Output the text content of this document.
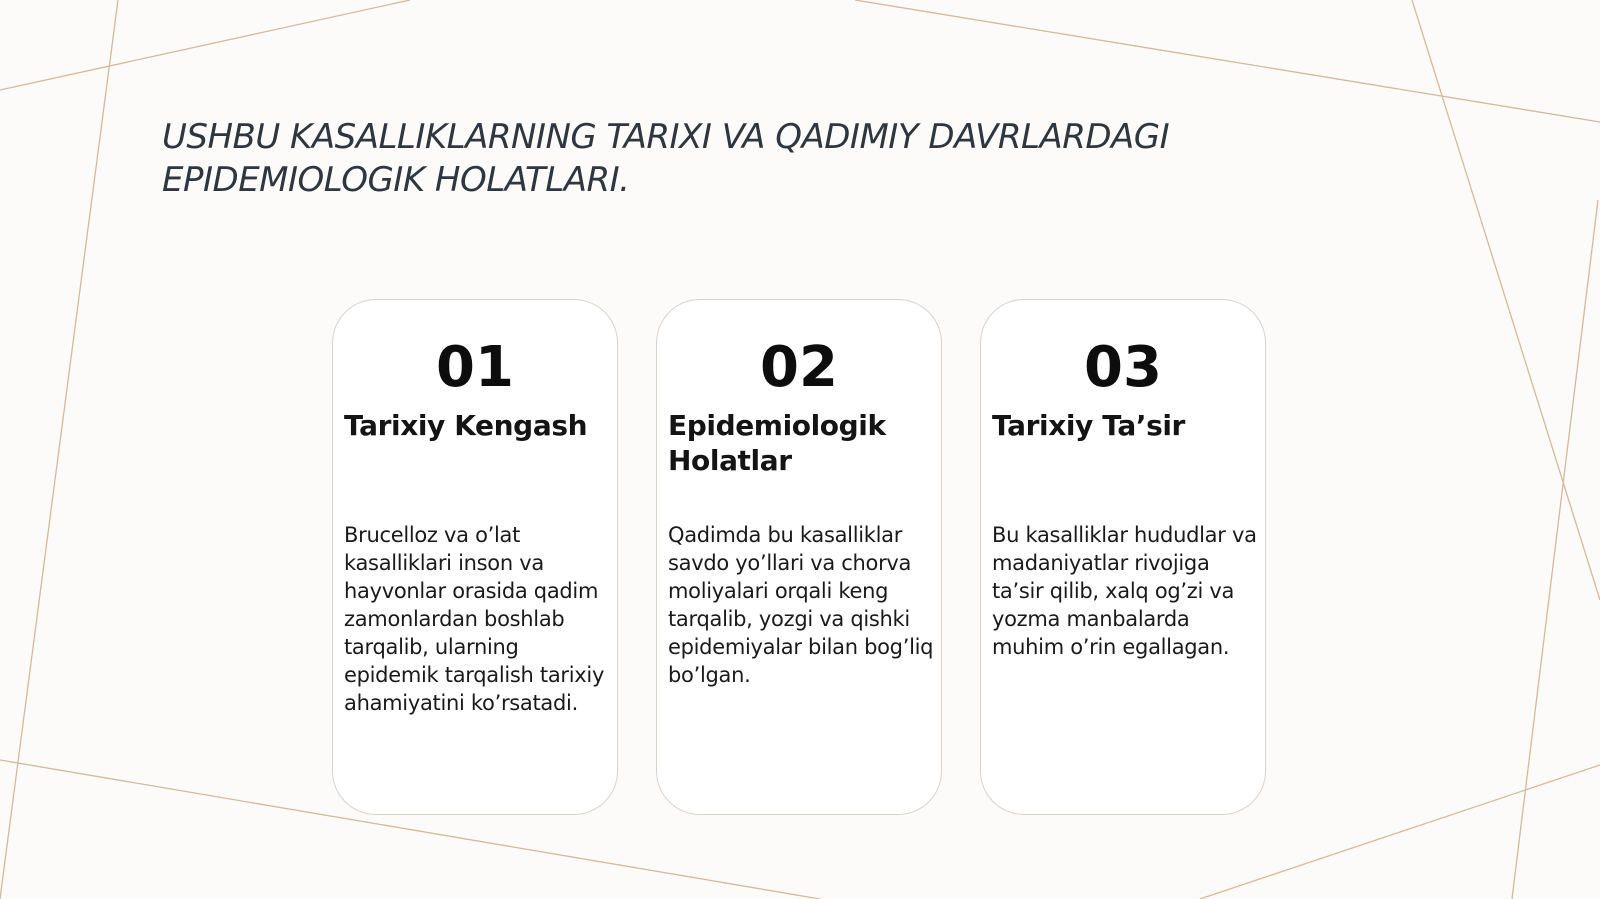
USHBU KASALLIKLARNING TARIXI VA QADIMIY DAVRLARDAGI EPIDEMIOLOGIK HOLATLARI.
01
Tarixiy Kengash

Brucelloz va o’lat kasalliklari inson va hayvonlar orasida qadim zamonlardan boshlab tarqalib, ularning epidemik tarqalish tarixiy ahamiyatini ko’rsatadi.

02
Epidemiologik Holatlar

Qadimda bu kasalliklar savdo yo’llari va chorva moliyalari orqali keng tarqalib, yozgi va qishki epidemiyalar bilan bog’liq bo’lgan.

03
Tarixiy Ta’sir

Bu kasalliklar hududlar va madaniyatlar rivojiga ta’sir qilib, xalq og’zi va yozma manbalarda muhim o’rin egallagan.
